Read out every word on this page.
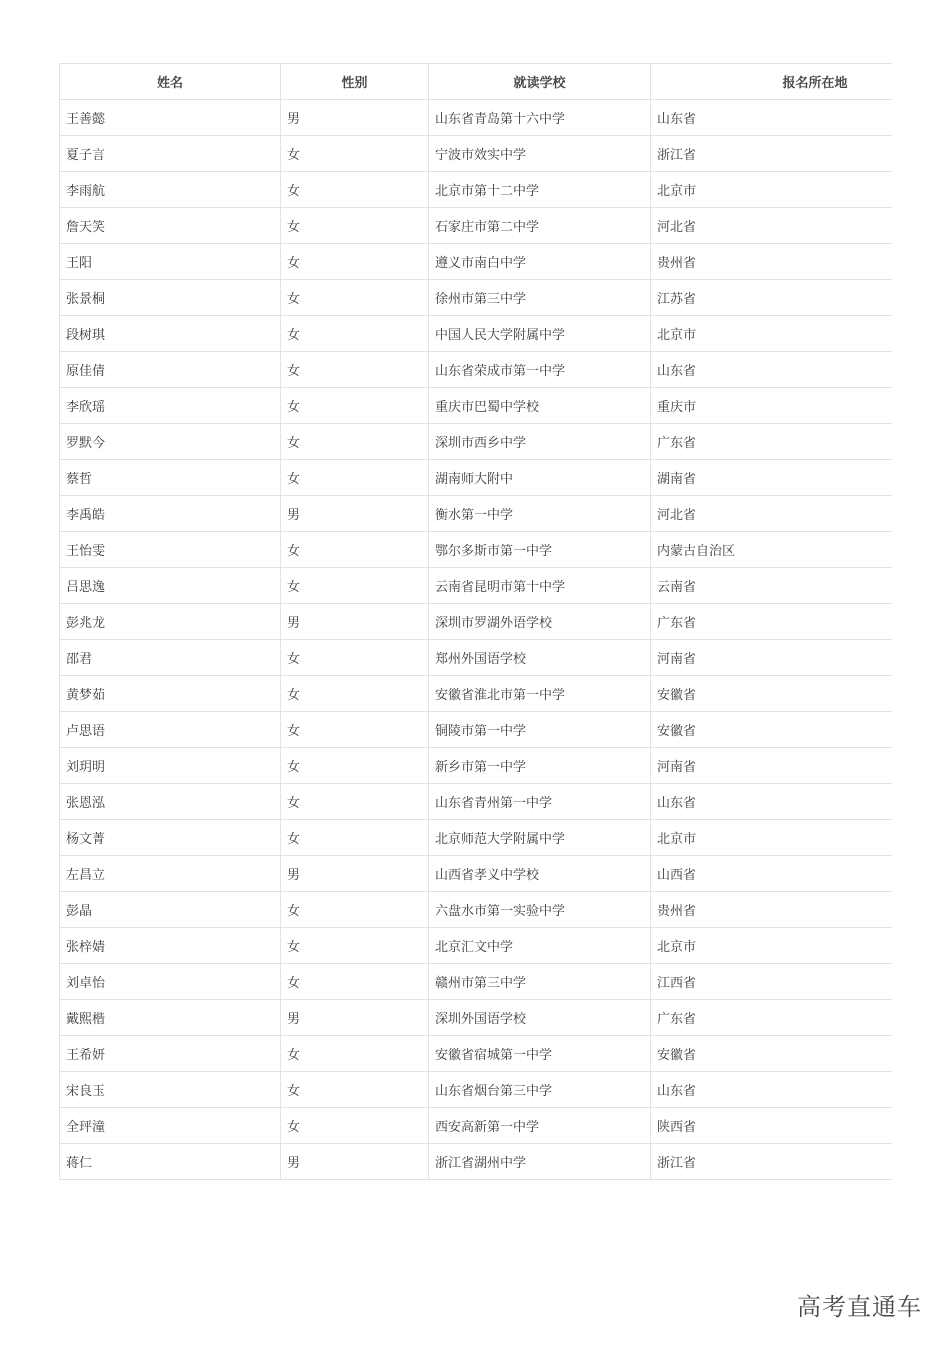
姓名	性别	就读学校	报名所在地
王善懿	男	山东省青岛第十六中学	山东省
夏子言	女	宁波市效实中学	浙江省
李雨航	女	北京市第十二中学	北京市
詹天笑	女	石家庄市第二中学	河北省
王阳	女	遵义市南白中学	贵州省
张景桐	女	徐州市第三中学	江苏省
段树琪	女	中国人民大学附属中学	北京市
原佳倩	女	山东省荣成市第一中学	山东省
李欣瑶	女	重庆市巴蜀中学校	重庆市
罗默今	女	深圳市西乡中学	广东省
蔡哲	女	湖南师大附中	湖南省
李禹皓	男	衡水第一中学	河北省
王怡雯	女	鄂尔多斯市第一中学	内蒙古自治区
吕思逸	女	云南省昆明市第十中学	云南省
彭兆龙	男	深圳市罗湖外语学校	广东省
邵君	女	郑州外国语学校	河南省
黄梦茹	女	安徽省淮北市第一中学	安徽省
卢思语	女	铜陵市第一中学	安徽省
刘玥明	女	新乡市第一中学	河南省
张恩泓	女	山东省青州第一中学	山东省
杨文菁	女	北京师范大学附属中学	北京市
左昌立	男	山西省孝义中学校	山西省
彭晶	女	六盘水市第一实验中学	贵州省
张梓婧	女	北京汇文中学	北京市
刘卓怡	女	赣州市第三中学	江西省
戴熙楷	男	深圳外国语学校	广东省
王希妍	女	安徽省宿城第一中学	安徽省
宋良玉	女	山东省烟台第三中学	山东省
全玶潼	女	西安高新第一中学	陕西省
蒋仁	男	浙江省湖州中学	浙江省
高考直通车
